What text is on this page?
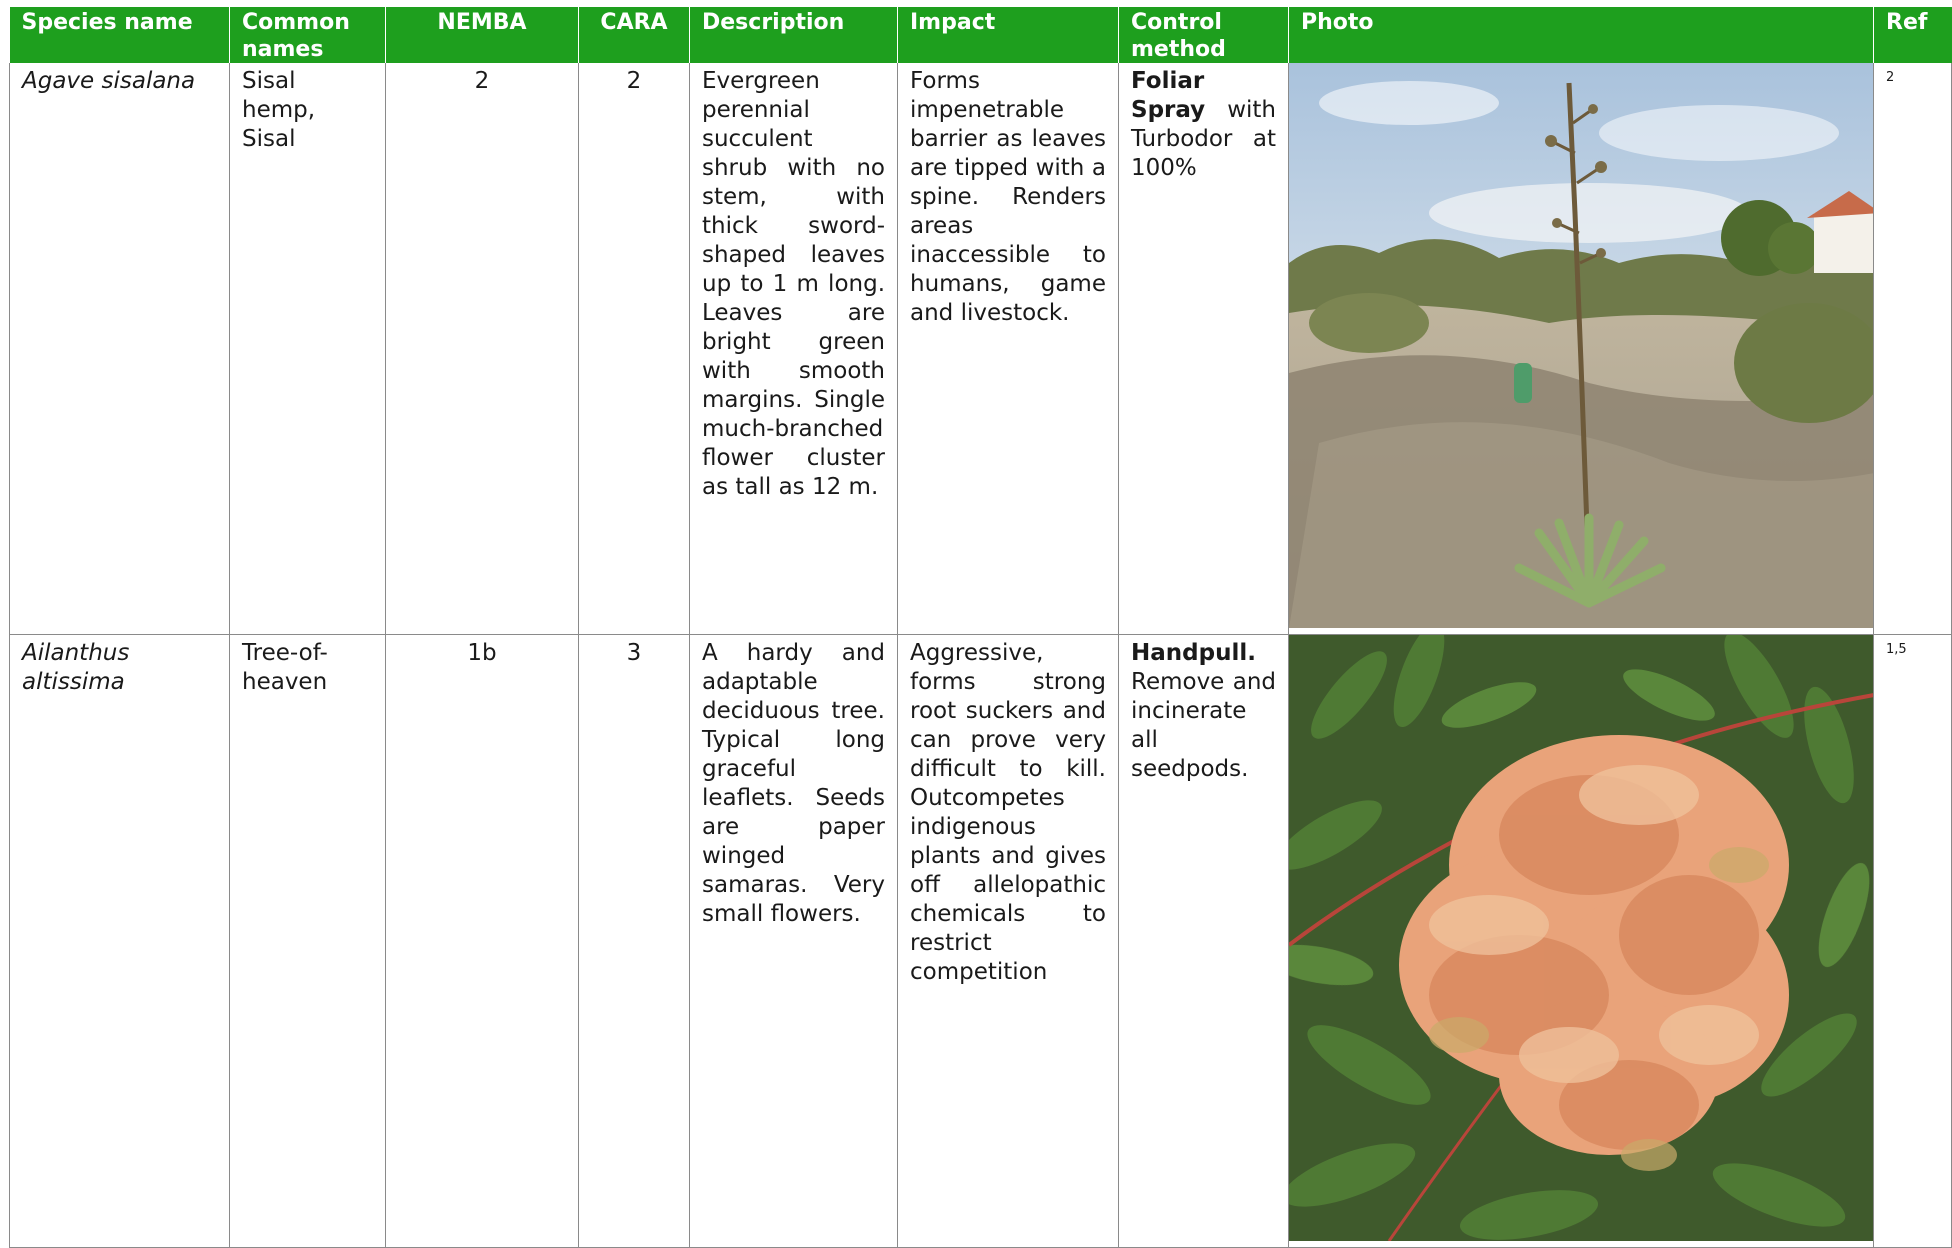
Species name	Common names	NEMBA	CARA	Description	Impact	Control method	Photo	Ref
Agave sisalana	Sisal hemp, Sisal	2	2	Evergreen perennial succulent shrub with no stem, with thick sword-shaped leaves up to 1 m long. Leaves are bright green with smooth margins. Single much-branched flower cluster as tall as 12 m.	Forms impenetrable barrier as leaves are tipped with a spine. Renders areas inaccessible to humans, game and livestock.	Foliar Spray with Turbodor at 100%		2
Ailanthus altissima	Tree-of-heaven	1b	3	A hardy and adaptable deciduous tree. Typical long graceful leaflets. Seeds are paper winged samaras. Very small flowers.	Aggressive, forms strong root suckers and can prove very difficult to kill. Outcompetes indigenous plants and gives off allelopathic chemicals to restrict competition	Handpull. Remove and incinerate all seedpods.		1,5
